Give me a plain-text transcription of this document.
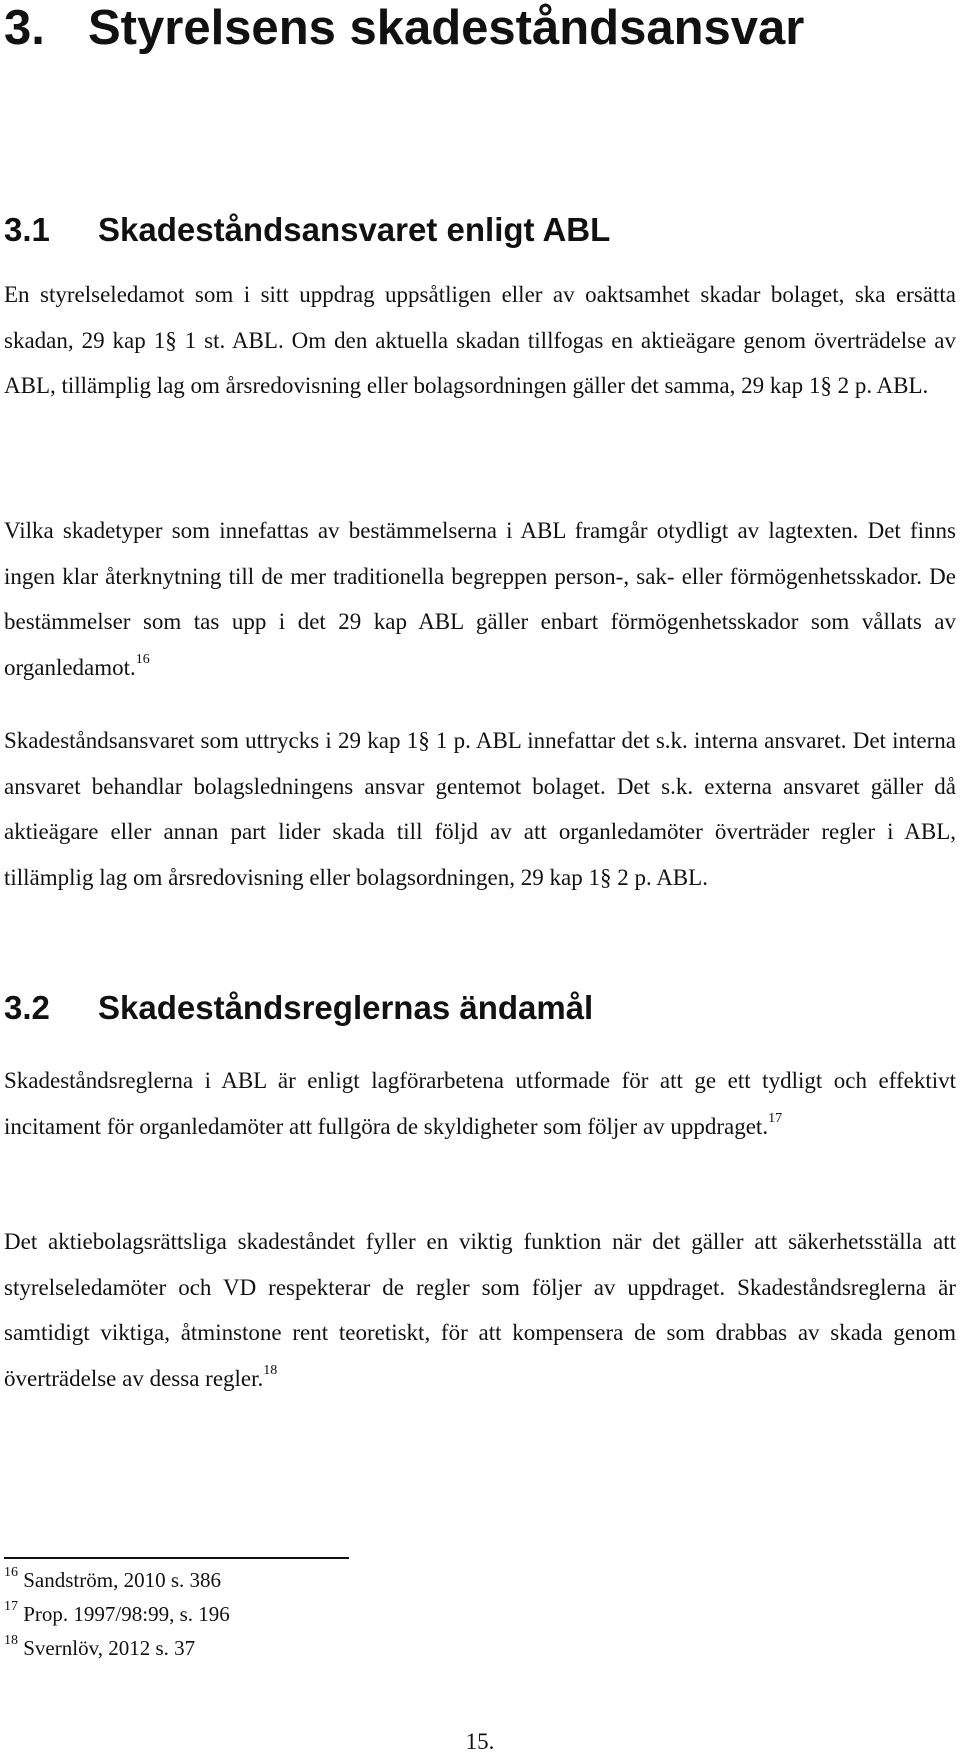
3. Styrelsens skadeståndsansvar
3.1 Skadeståndsansvaret enligt ABL

En styrelseledamot som i sitt uppdrag uppsåtligen eller av oaktsamhet skadar bolaget, ska ersätta skadan, 29 kap 1§ 1 st. ABL. Om den aktuella skadan tillfogas en aktieägare genom överträdelse av ABL, tillämplig lag om årsredovisning eller bolagsordningen gäller det samma, 29 kap 1§ 2 p. ABL.

Vilka skadetyper som innefattas av bestämmelserna i ABL framgår otydligt av lagtexten. Det finns ingen klar återknytning till de mer traditionella begreppen person-, sak- eller förmögenhetsskador. De bestämmelser som tas upp i det 29 kap ABL gäller enbart förmögenhetsskador som vållats av organledamot.$^{16}$

Skadeståndsansvaret som uttrycks i 29 kap 1§ 1 p. ABL innefattar det s.k. interna ansvaret. Det interna ansvaret behandlar bolagsledningens ansvar gentemot bolaget. Det s.k. externa ansvaret gäller då aktieägare eller annan part lider skada till följd av att organledamöter överträder regler i ABL, tillämplig lag om årsredovisning eller bolagsordningen, 29 kap 1§ 2 p. ABL.

3.2 Skadeståndsreglernas ändamål

Skadeståndsreglerna i ABL är enligt lagförarbetena utformade för att ge ett tydligt och effektivt incitament för organledamöter att fullgöra de skyldigheter som följer av uppdraget.$^{17}$

Det aktiebolagsrättsliga skadeståndet fyller en viktig funktion när det gäller att säkerhetsställa att styrelseledamöter och VD respekterar de regler som följer av uppdraget. Skadeståndsreglerna är samtidigt viktiga, åtminstone rent teoretiskt, för att kompensera de som drabbas av skada genom överträdelse av dessa regler.$^{18}$

$^{16}$ Sandström, 2010 s. 386

$^{17}$ Prop. 1997/98:99, s. 196

$^{18}$ Svernlöv, 2012 s. 37

15.
